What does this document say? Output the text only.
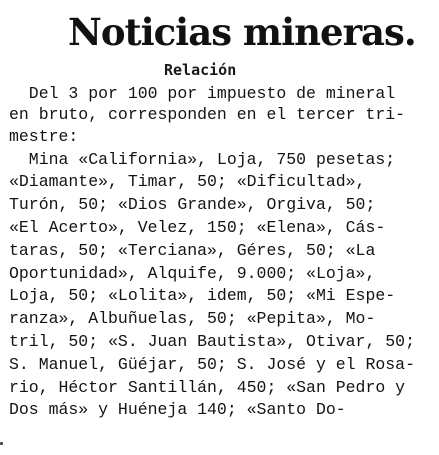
Noticias mineras.
Relación
Del 3 por 100 por impuesto de mineral
en bruto, corresponden en el tercer tri-
mestre:
Mina «California», Loja, 750 pesetas;
«Diamante», Timar, 50; «Dificultad»,
Turón, 50; «Dios Grande», Orgiva, 50;
«El Acerto», Velez, 150; «Elena», Cás-
taras, 50; «Terciana», Géres, 50; «La
Oportunidad», Alquife, 9.000; «Loja»,
Loja, 50; «Lolita», idem, 50; «Mi Espe-
ranza», Albuñuelas, 50; «Pepita», Mo-
tril, 50; «S. Juan Bautista», Otivar, 50;
S. Manuel, Güéjar, 50; S. José y el Rosa-
rio, Héctor Santillán, 450; «San Pedro y
Dos más» y Huéneja 140; «Santo Do-
